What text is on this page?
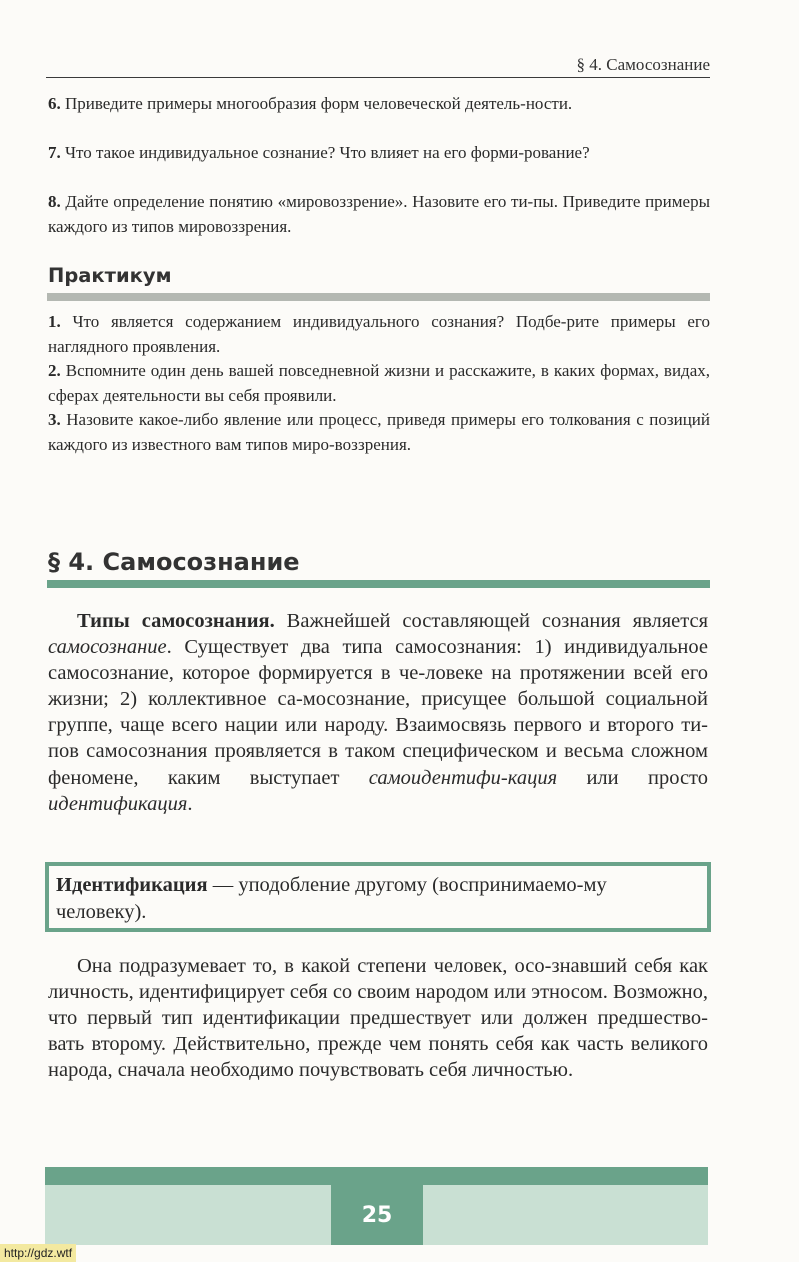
§ 4. Самосознание

6. Приведите примеры многообразия форм человеческой деятель-ности.

7. Что такое индивидуальное сознание? Что влияет на его форми-рование?

8. Дайте определение понятию «мировоззрение». Назовите его ти-пы. Приведите примеры каждого из типов мировоззрения.

Практикум

1. Что является содержанием индивидуального сознания? Подбе-рите примеры его наглядного проявления.

2. Вспомните один день вашей повседневной жизни и расскажите, в каких формах, видах, сферах деятельности вы себя проявили.

3. Назовите какое-либо явление или процесс, приведя примеры его толкования с позиций каждого из известного вам типов миро-воззрения.

§ 4. Самосознание

Типы самосознания. Важнейшей составляющей сознания является самосознание. Существует два типа самосознания: 1) индивидуальное самосознание, которое формируется в че-ловеке на протяжении всей его жизни; 2) коллективное са-мосознание, присущее большой социальной группе, чаще всего нации или народу. Взаимосвязь первого и второго ти-пов самосознания проявляется в таком специфическом и весьма сложном феномене, каким выступает самоидентифи-кация или просто идентификация.

Идентификация — уподобление другому (воспринимаемо-му человеку).

Она подразумевает то, в какой степени человек, осо-знавший себя как личность, идентифицирует себя со своим народом или этносом. Возможно, что первый тип идентификации предшествует или должен предшество-вать второму. Действительно, прежде чем понять себя как часть великого народа, сначала необходимо почувствовать себя личностью.

25
http://gdz.wtf
